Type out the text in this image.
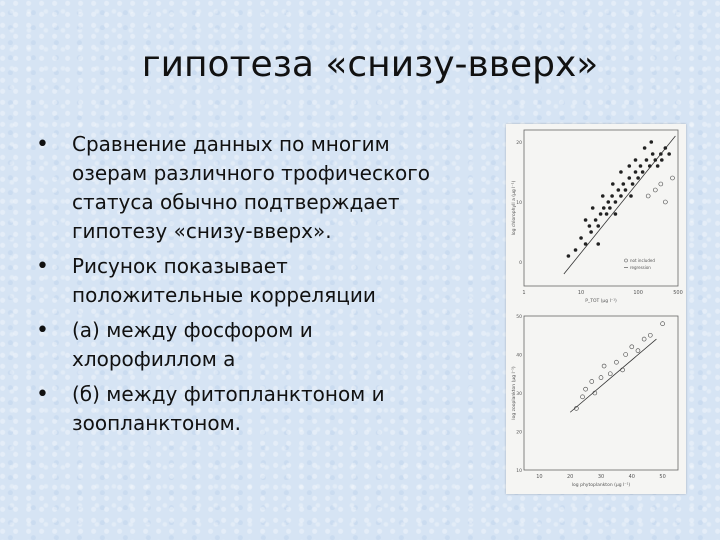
гипотеза «снизу-вверх»
• Сравнение данных по многим озерам различного трофического статуса обычно подтверждает гипотезу «снизу-вверх».
• Рисунок показывает положительные корреляции
• (а) между фосфором и хлорофиллом а
• (б) между фитопланктоном и зоопланктоном.
1	10	100	500
20
10
0
P_TOT (µg l⁻¹)
log chlorophyll a (µg l⁻¹)
not included
regression
10	20	30	40	50
50
40
30
20
10
log phytoplankton (µg l⁻¹)
log zooplankton (µg l⁻¹)
